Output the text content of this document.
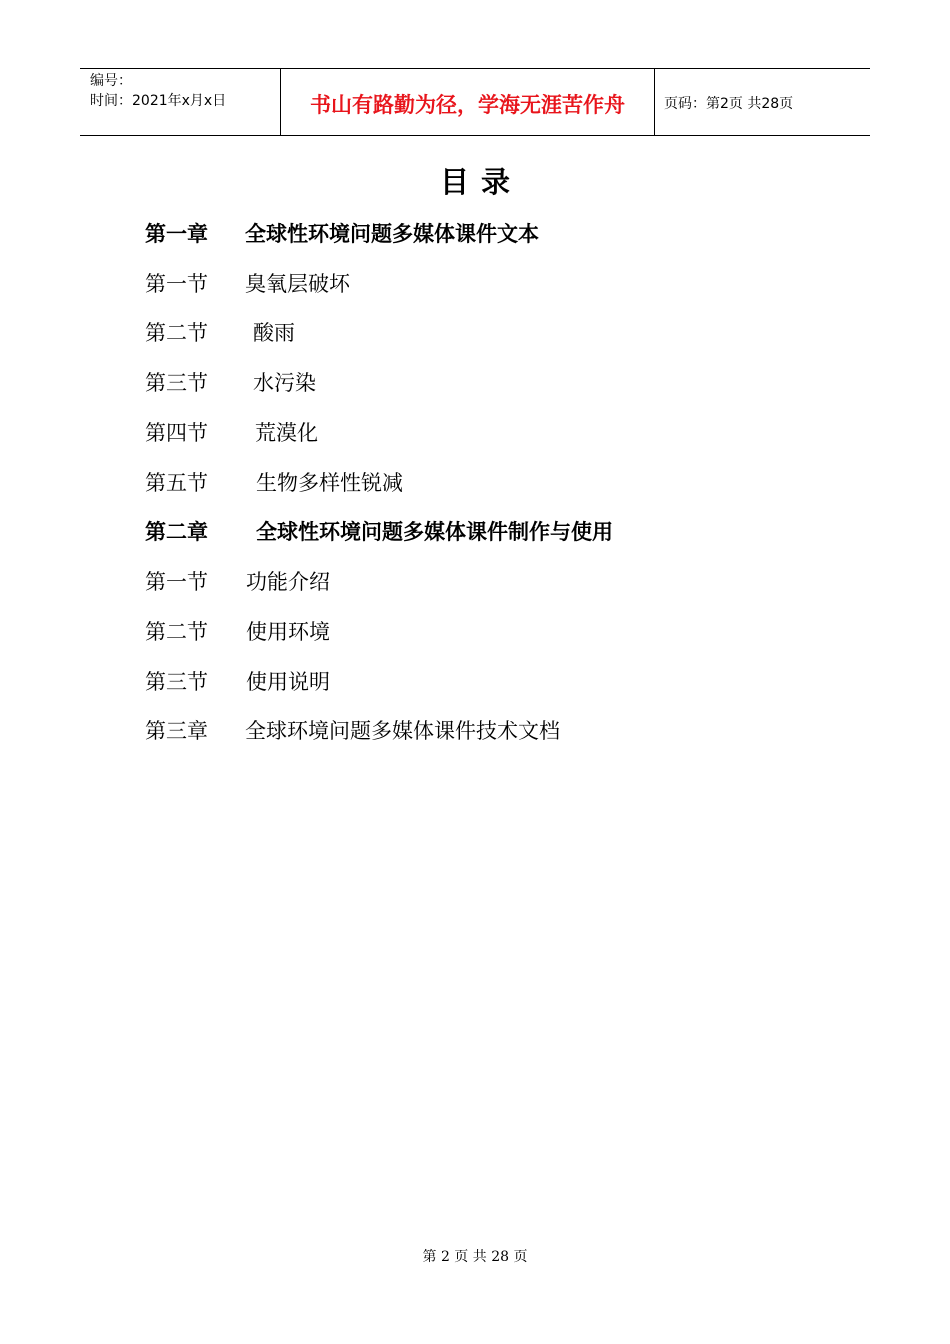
编号：
时间：2021年x月x日	书山有路勤为径，学海无涯苦作舟	页码：第2页 共28页
目录
第一章 全球性环境问题多媒体课件文本
第一节 臭氧层破坏
第二节 酸雨
第三节 水污染
第四节 荒漠化
第五节 生物多样性锐减
第二章 全球性环境问题多媒体课件制作与使用
第一节 功能介绍
第二节 使用环境
第三节 使用说明
第三章 全球环境问题多媒体课件技术文档
第 2 页 共 28 页
